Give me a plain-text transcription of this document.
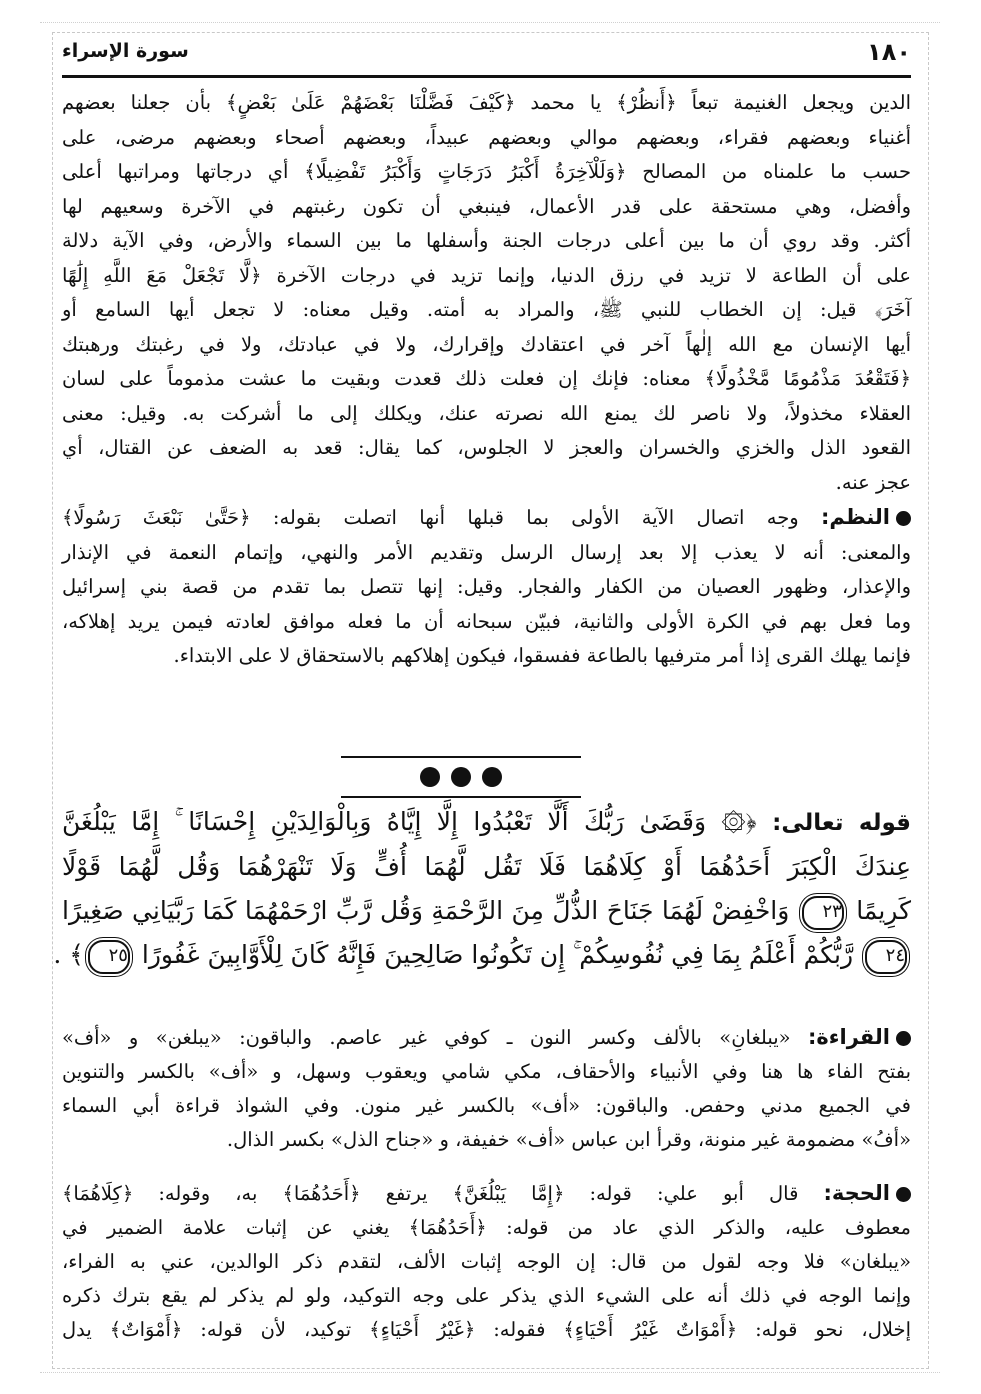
١٨٠
سورة الإسراء

الدين ويجعل الغنيمة تبعاً ﴿أَنظُرْ﴾ يا محمد ﴿كَيْفَ فَضَّلْنَا بَعْضَهُمْ عَلَىٰ بَعْضٍ﴾ بأن جعلنا بعضهم
أغنياء وبعضهم فقراء، وبعضهم موالي وبعضهم عبيداً، وبعضهم أصحاء وبعضهم مرضى، على
حسب ما علمناه من المصالح ﴿وَلَلْآخِرَةُ أَكْبَرُ دَرَجَاتٍ وَأَكْبَرُ تَفْضِيلًا﴾ أي درجاتها ومراتبها أعلى
وأفضل، وهي مستحقة على قدر الأعمال، فينبغي أن تكون رغبتهم في الآخرة وسعيهم لها
أكثر. وقد روي أن ما بين أعلى درجات الجنة وأسفلها ما بين السماء والأرض، وفي الآية دلالة
على أن الطاعة لا تزيد في رزق الدنيا، وإنما تزيد في درجات الآخرة ﴿لَّا تَجْعَلْ مَعَ اللَّهِ إِلَٰهًا
آخَرَ﴾ قيل: إن الخطاب للنبي ﷺ، والمراد به أمته. وقيل معناه: لا تجعل أيها السامع أو
أيها الإنسان مع الله إلٰهاً آخر في اعتقادك وإقرارك، ولا في عبادتك، ولا في رغبتك ورهبتك
﴿فَتَقْعُدَ مَذْمُومًا مَّخْذُولًا﴾ معناه: فإنك إن فعلت ذلك قعدت وبقيت ما عشت مذموماً على لسان
العقلاء مخذولاً، ولا ناصر لك يمنع الله نصرته عنك، ويكلك إلى ما أشركت به. وقيل: معنى
القعود الذل والخزي والخسران والعجز لا الجلوس، كما يقال: قعد به الضعف عن القتال، أي
عجز عنه.

النظم: وجه اتصال الآية الأولى بما قبلها أنها اتصلت بقوله: ﴿حَتَّىٰ نَبْعَثَ رَسُولًا﴾
والمعنى: أنه لا يعذب إلا بعد إرسال الرسل وتقديم الأمر والنهي، وإتمام النعمة في الإنذار
والإعذار، وظهور العصيان من الكفار والفجار. وقيل: إنها تتصل بما تقدم من قصة بني إسرائيل
وما فعل بهم في الكرة الأولى والثانية، فبيّن سبحانه أن ما فعله موافق لعادته فيمن يريد إهلاكه،
فإنما يهلك القرى إذا أمر مترفيها بالطاعة ففسقوا، فيكون إهلاكهم بالاستحقاق لا على الابتداء.

قوله تعالى: ﴿۞ وَقَضَىٰ رَبُّكَ أَلَّا تَعْبُدُوا إِلَّا إِيَّاهُ وَبِالْوَالِدَيْنِ إِحْسَانًا ۚ إِمَّا يَبْلُغَنَّ
عِندَكَ الْكِبَرَ أَحَدُهُمَا أَوْ كِلَاهُمَا فَلَا تَقُل لَّهُمَا أُفٍّ وَلَا تَنْهَرْهُمَا وَقُل لَّهُمَا قَوْلًا
كَرِيمًا ٢٣ وَاخْفِضْ لَهُمَا جَنَاحَ الذُّلِّ مِنَ الرَّحْمَةِ وَقُل رَّبِّ ارْحَمْهُمَا كَمَا رَبَّيَانِي صَغِيرًا
٢٤ رَّبُّكُمْ أَعْلَمُ بِمَا فِي نُفُوسِكُمْ ۚ إِن تَكُونُوا صَالِحِينَ فَإِنَّهُ كَانَ لِلْأَوَّابِينَ غَفُورًا ٢٥﴾ .

القراءة: «يبلغانِ» بالألف وكسر النون ـ كوفي غير عاصم. والباقون: «يبلغن» و «أف»
بفتح الفاء ها هنا وفي الأنبياء والأحقاف، مكي شامي ويعقوب وسهل، و «أف» بالكسر والتنوين
في الجميع مدني وحفص. والباقون: «أف» بالكسر غير منون. وفي الشواذ قراءة أبي السماء
«أفُ» مضمومة غير منونة، وقرأ ابن عباس «أف» خفيفة، و «جناح الذل» بكسر الذال.

الحجة: قال أبو علي: قوله: ﴿إِمَّا يَبْلُغَنَّ﴾ يرتفع ﴿أَحَدُهُمَا﴾ به، وقوله: ﴿كِلَاهُمَا﴾
معطوف عليه، والذكر الذي عاد من قوله: ﴿أَحَدُهُمَا﴾ يغني عن إثبات علامة الضمير في
«يبلغان» فلا وجه لقول من قال: إن الوجه إثبات الألف، لتقدم ذكر الوالدين، عني به الفراء،
وإنما الوجه في ذلك أنه على الشيء الذي يذكر على وجه التوكيد، ولو لم يذكر لم يقع بترك ذكره
إخلال، نحو قوله: ﴿أَمْوَاتٌ غَيْرُ أَحْيَاءٍ﴾ فقوله: ﴿غَيْرُ أَحْيَاءٍ﴾ توكيد، لأن قوله: ﴿أَمْوَاتٌ﴾ يدل
